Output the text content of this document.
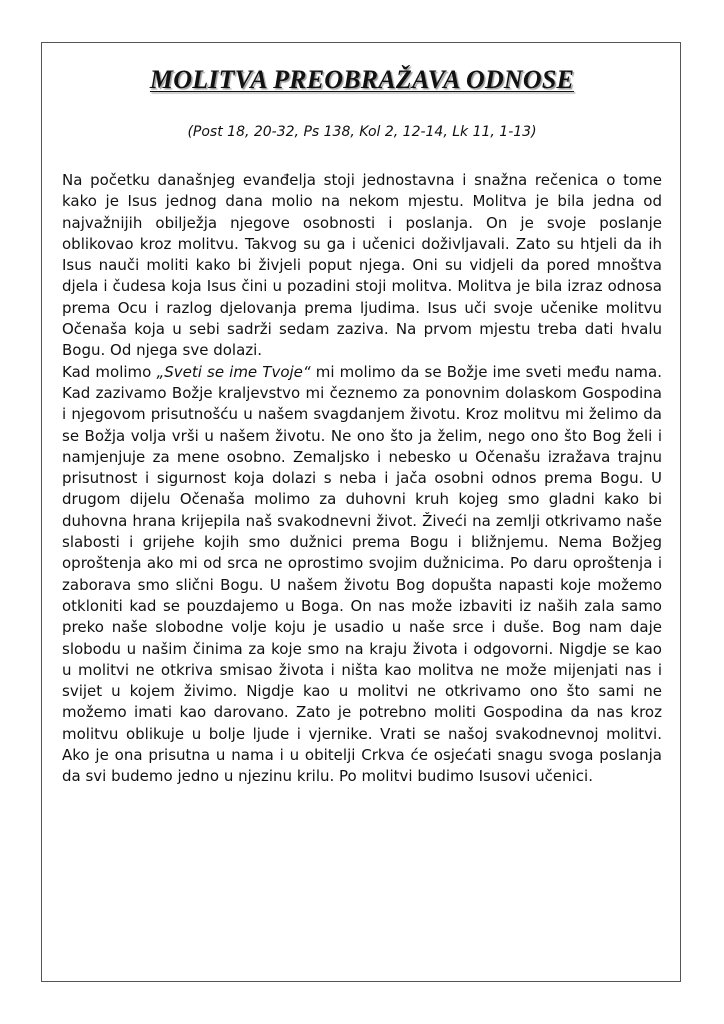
MOLITVA PREOBRAŽAVA ODNOSE
(Post 18, 20-32, Ps 138, Kol 2, 12-14, Lk 11, 1-13)

Na početku današnjeg evanđelja stoji jednostavna i snažna rečenica o tome kako je Isus jednog dana molio na nekom mjestu. Molitva je bila jedna od najvažnijih obilježja njegove osobnosti i poslanja. On je svoje poslanje oblikovao kroz molitvu. Takvog su ga i učenici doživljavali. Zato su htjeli da ih Isus nauči moliti kako bi živjeli poput njega. Oni su vidjeli da pored mnoštva djela i čudesa koja Isus čini u pozadini stoji molitva. Molitva je bila izraz odnosa prema Ocu i razlog djelovanja prema ljudima. Isus uči svoje učenike molitvu Očenaša koja u sebi sadrži sedam zaziva. Na prvom mjestu treba dati hvalu Bogu. Od njega sve dolazi.

Kad molimo „Sveti se ime Tvoje“ mi molimo da se Božje ime sveti među nama. Kad zazivamo Božje kraljevstvo mi čeznemo za ponovnim dolaskom Gospodina i njegovom prisutnošću u našem svagdanjem životu. Kroz molitvu mi želimo da se Božja volja vrši u našem životu. Ne ono što ja želim, nego ono što Bog želi i namjenjuje za mene osobno. Zemaljsko i nebesko u Očenašu izražava trajnu prisutnost i sigurnost koja dolazi s neba i jača osobni odnos prema Bogu. U drugom dijelu Očenaša molimo za duhovni kruh kojeg smo gladni kako bi duhovna hrana krijepila naš svakodnevni život. Živeći na zemlji otkrivamo naše slabosti i grijehe kojih smo dužnici prema Bogu i bližnjemu. Nema Božjeg oproštenja ako mi od srca ne oprostimo svojim dužnicima. Po daru oproštenja i zaborava smo slični Bogu. U našem životu Bog dopušta napasti koje možemo otkloniti kad se pouzdajemo u Boga. On nas može izbaviti iz naših zala samo preko naše slobodne volje koju je usadio u naše srce i duše. Bog nam daje slobodu u našim činima za koje smo na kraju života i odgovorni. Nigdje se kao u molitvi ne otkriva smisao života i ništa kao molitva ne može mijenjati nas i svijet u kojem živimo. Nigdje kao u molitvi ne otkrivamo ono što sami ne možemo imati kao darovano. Zato je potrebno moliti Gospodina da nas kroz molitvu oblikuje u bolje ljude i vjernike. Vrati se našoj svakodnevnoj molitvi. Ako je ona prisutna u nama i u obitelji Crkva će osjećati snagu svoga poslanja da svi budemo jedno u njezinu krilu. Po molitvi budimo Isusovi učenici.
